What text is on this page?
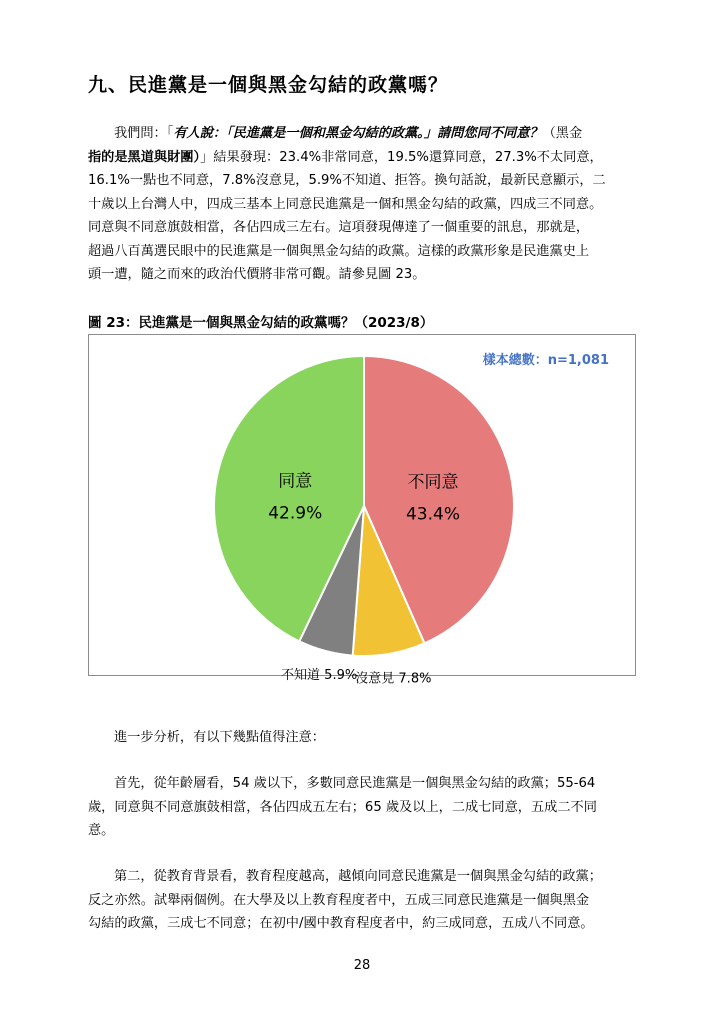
九、民進黨是一個與黑金勾結的政黨嗎？
我們問：「有人說：「民進黨是一個和黑金勾結的政黨。」請問您同不同意？（黑金
指的是黑道與財團）」結果發現：23.4%非常同意，19.5%還算同意，27.3%不太同意，
16.1%一點也不同意，7.8%沒意見，5.9%不知道、拒答。換句話說，最新民意顯示，二
十歲以上台灣人中，四成三基本上同意民進黨是一個和黑金勾結的政黨，四成三不同意。
同意與不同意旗鼓相當，各佔四成三左右。這項發現傳達了一個重要的訊息，那就是，
超過八百萬選民眼中的民進黨是一個與黑金勾結的政黨。這樣的政黨形象是民進黨史上
頭一遭，隨之而來的政治代價將非常可觀。請參見圖 23。
圖 23：民進黨是一個與黑金勾結的政黨嗎？（2023/8）
不同意
43.4%
沒意見 7.8%
不知道 5.9%
同意
42.9%
樣本總數：n=1,081
進一步分析，有以下幾點值得注意：
首先，從年齡層看，54 歲以下，多數同意民進黨是一個與黑金勾結的政黨；55-64
歲，同意與不同意旗鼓相當，各佔四成五左右；65 歲及以上，二成七同意，五成二不同
意。
第二，從教育背景看，教育程度越高，越傾向同意民進黨是一個與黑金勾結的政黨；
反之亦然。試舉兩個例。在大學及以上教育程度者中，五成三同意民進黨是一個與黑金
勾結的政黨，三成七不同意；在初中/國中教育程度者中，約三成同意，五成八不同意。
28
